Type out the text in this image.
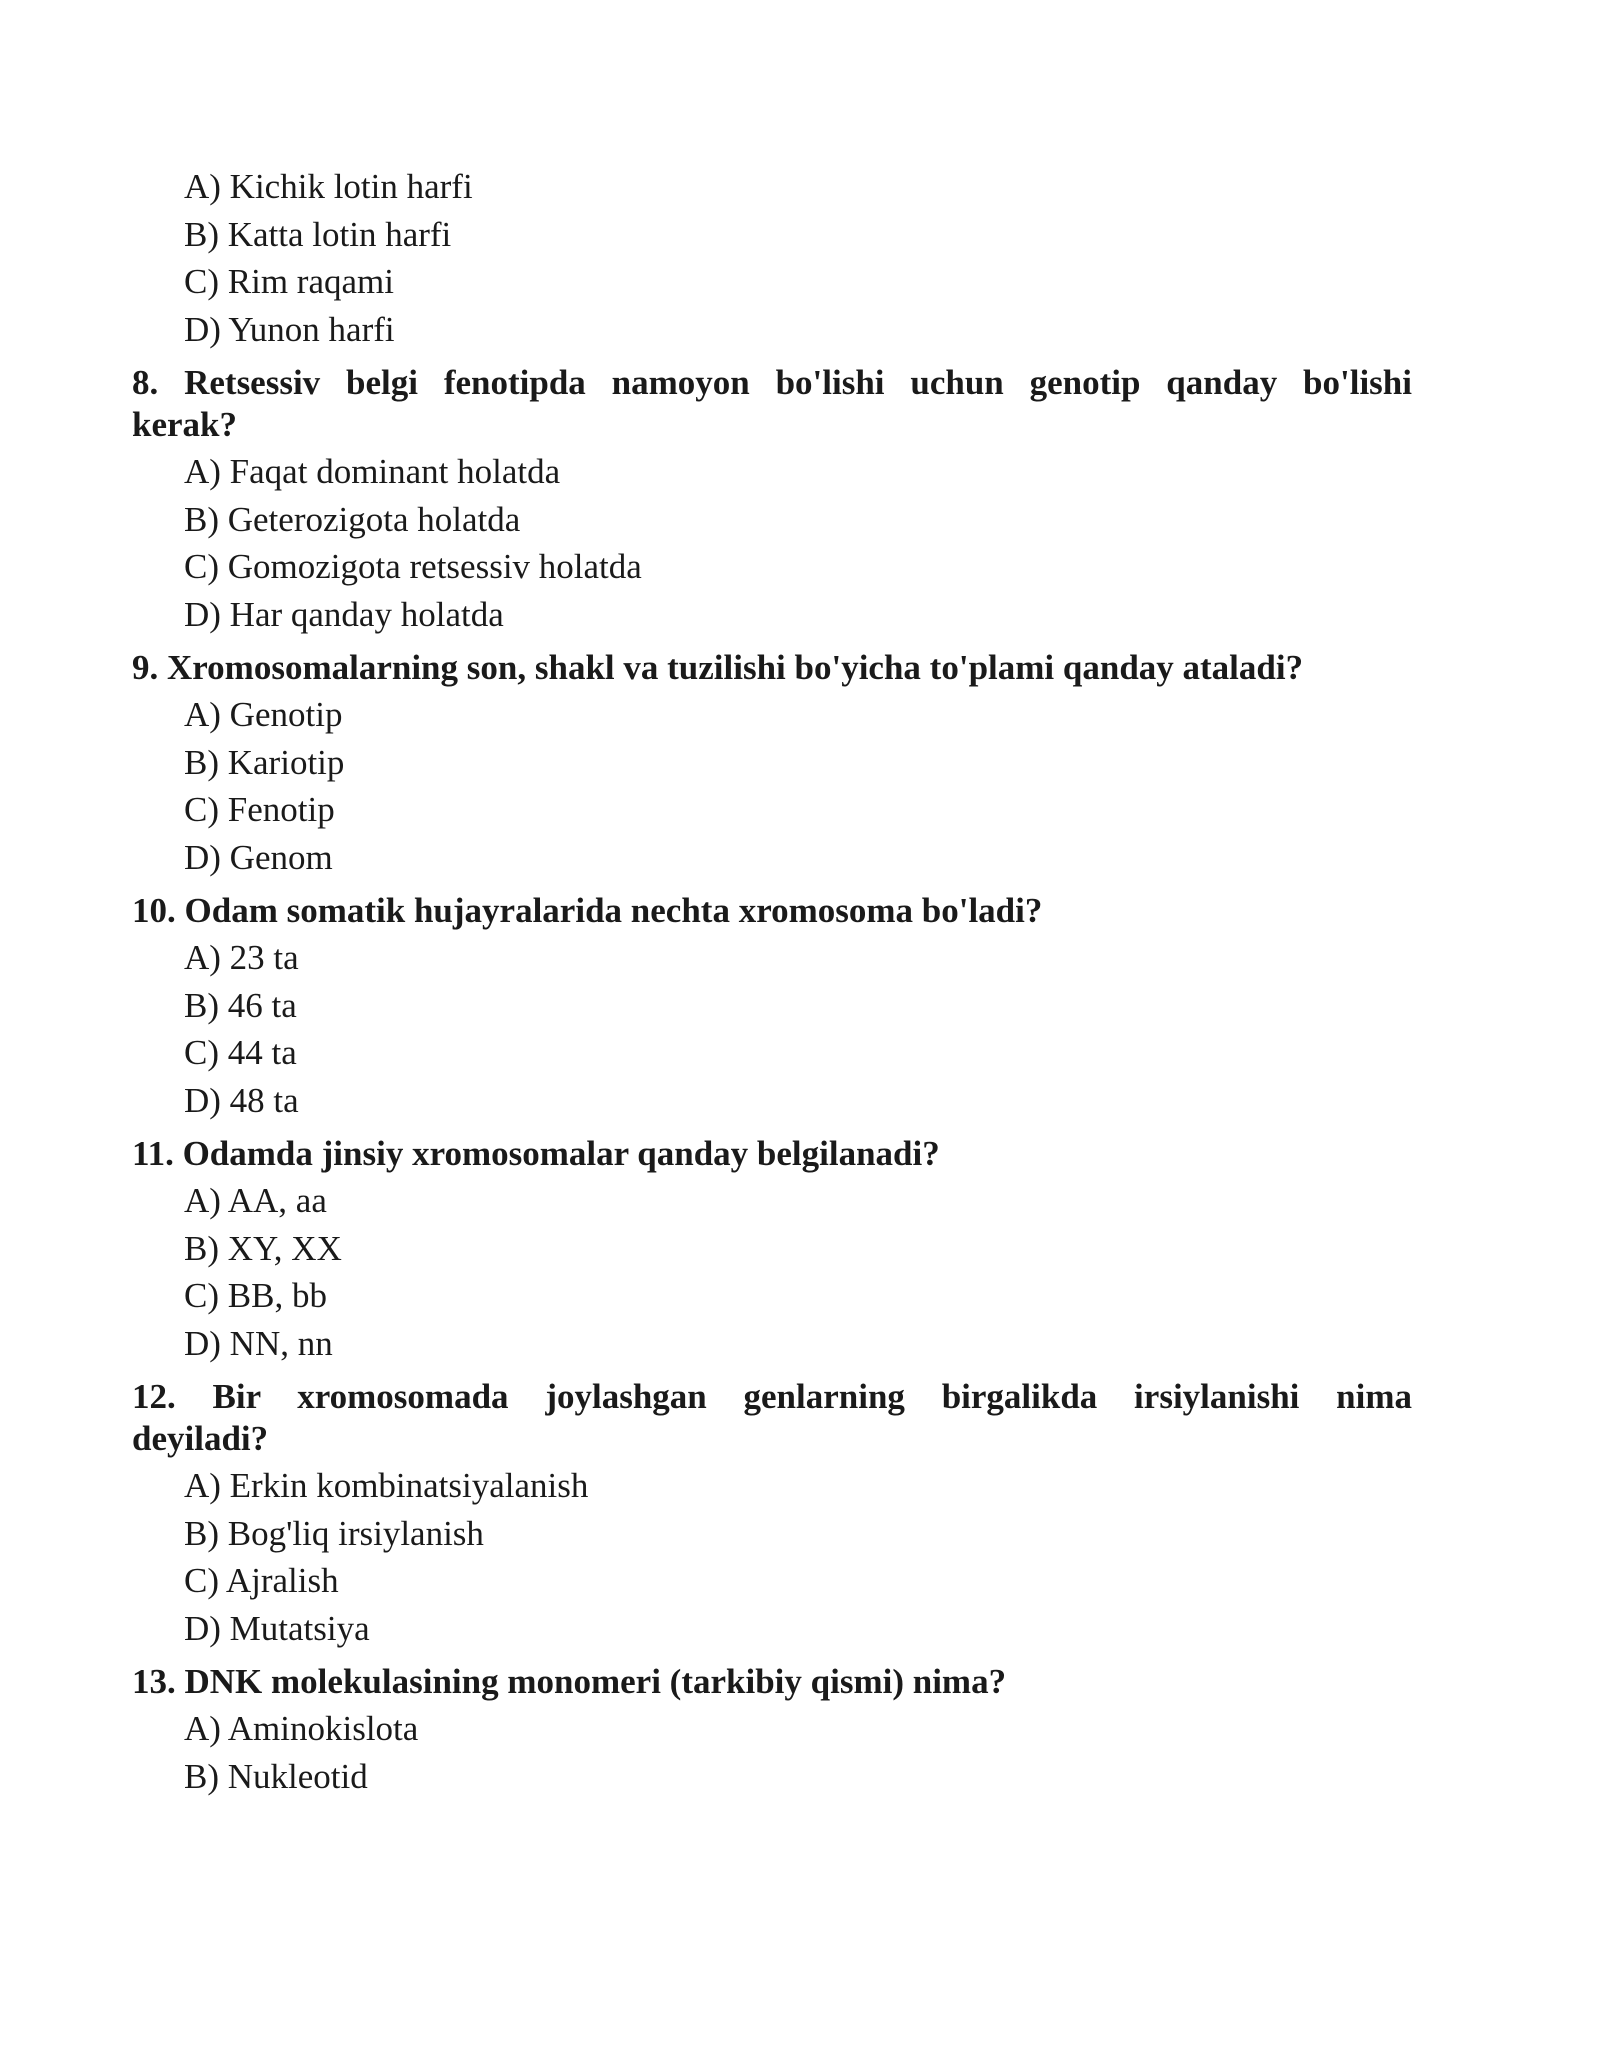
A) Kichik lotin harfi
B) Katta lotin harfi
C) Rim raqami
D) Yunon harfi
8. Retsessiv belgi fenotipda namoyon bo'lishi uchun genotip qanday bo'lishi
kerak?
A) Faqat dominant holatda
B) Geterozigota holatda
C) Gomozigota retsessiv holatda
D) Har qanday holatda
9. Xromosomalarning son, shakl va tuzilishi bo'yicha to'plami qanday ataladi?
A) Genotip
B) Kariotip
C) Fenotip
D) Genom
10. Odam somatik hujayralarida nechta xromosoma bo'ladi?
A) 23 ta
B) 46 ta
C) 44 ta
D) 48 ta
11. Odamda jinsiy xromosomalar qanday belgilanadi?
A) AA, aa
B) XY, XX
C) BB, bb
D) NN, nn
12. Bir xromosomada joylashgan genlarning birgalikda irsiylanishi nima
deyiladi?
A) Erkin kombinatsiyalanish
B) Bog'liq irsiylanish
C) Ajralish
D) Mutatsiya
13. DNK molekulasining monomeri (tarkibiy qismi) nima?
A) Aminokislota
B) Nukleotid
